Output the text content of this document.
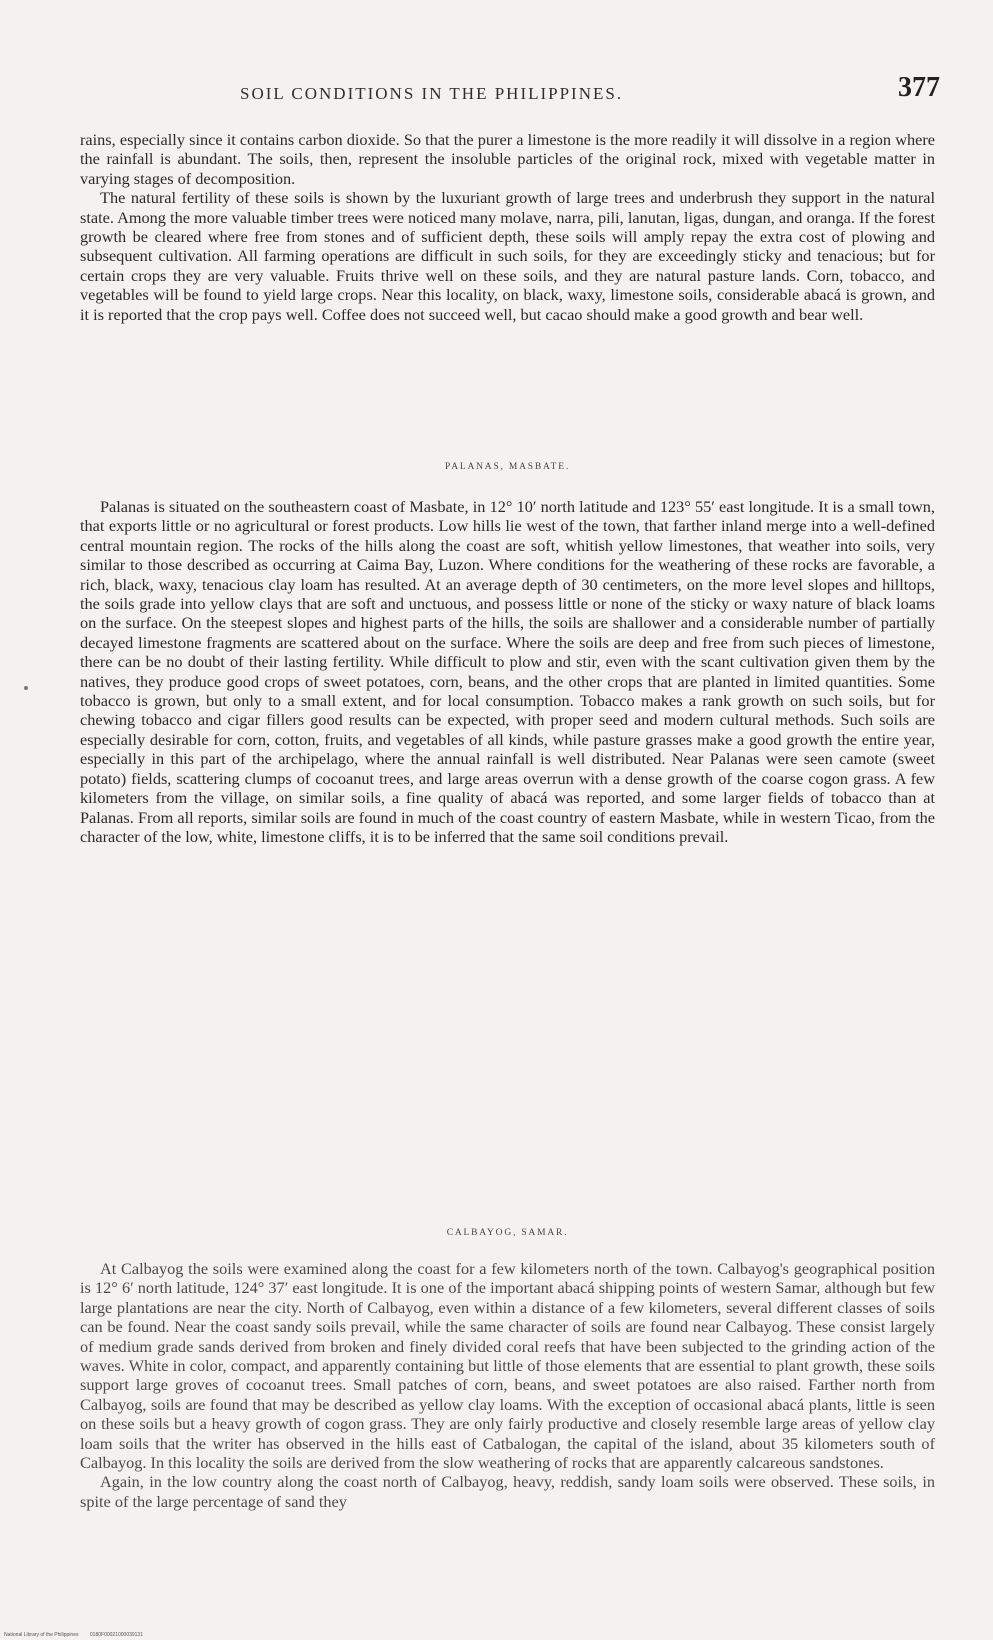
SOIL CONDITIONS IN THE PHILIPPINES.	377

rains, especially since it contains carbon dioxide. So that the purer a limestone is the more readily it will dissolve in a region where the rainfall is abundant. The soils, then, represent the insoluble particles of the original rock, mixed with vegetable matter in varying stages of decomposition.

The natural fertility of these soils is shown by the luxuriant growth of large trees and underbrush they support in the natural state. Among the more valuable timber trees were noticed many molave, narra, pili, lanutan, ligas, dungan, and oranga. If the forest growth be cleared where free from stones and of sufficient depth, these soils will amply repay the extra cost of plowing and subsequent cultivation. All farming operations are difficult in such soils, for they are exceedingly sticky and tenacious; but for certain crops they are very valuable. Fruits thrive well on these soils, and they are natural pasture lands. Corn, tobacco, and vegetables will be found to yield large crops. Near this locality, on black, waxy, limestone soils, considerable abacá is grown, and it is reported that the crop pays well. Coffee does not succeed well, but cacao should make a good growth and bear well.

PALANAS, MASBATE.

Palanas is situated on the southeastern coast of Masbate, in 12° 10′ north latitude and 123° 55′ east longitude. It is a small town, that exports little or no agricultural or forest products. Low hills lie west of the town, that farther inland merge into a well-defined central mountain region. The rocks of the hills along the coast are soft, whitish yellow limestones, that weather into soils, very similar to those described as occurring at Caima Bay, Luzon. Where conditions for the weathering of these rocks are favorable, a rich, black, waxy, tenacious clay loam has resulted. At an average depth of 30 centimeters, on the more level slopes and hilltops, the soils grade into yellow clays that are soft and unctuous, and possess little or none of the sticky or waxy nature of black loams on the surface. On the steepest slopes and highest parts of the hills, the soils are shallower and a considerable number of partially decayed limestone fragments are scattered about on the surface. Where the soils are deep and free from such pieces of limestone, there can be no doubt of their lasting fertility. While difficult to plow and stir, even with the scant cultivation given them by the natives, they produce good crops of sweet potatoes, corn, beans, and the other crops that are planted in limited quantities. Some tobacco is grown, but only to a small extent, and for local consumption. Tobacco makes a rank growth on such soils, but for chewing tobacco and cigar fillers good results can be expected, with proper seed and modern cultural methods. Such soils are especially desirable for corn, cotton, fruits, and vegetables of all kinds, while pasture grasses make a good growth the entire year, especially in this part of the archipelago, where the annual rainfall is well distributed. Near Palanas were seen camote (sweet potato) fields, scattering clumps of cocoanut trees, and large areas overrun with a dense growth of the coarse cogon grass. A few kilometers from the village, on similar soils, a fine quality of abacá was reported, and some larger fields of tobacco than at Palanas. From all reports, similar soils are found in much of the coast country of eastern Masbate, while in western Ticao, from the character of the low, white, limestone cliffs, it is to be inferred that the same soil conditions prevail.

CALBAYOG, SAMAR.

At Calbayog the soils were examined along the coast for a few kilometers north of the town. Calbayog's geographical position is 12° 6′ north latitude, 124° 37′ east longitude. It is one of the important abacá shipping points of western Samar, although but few large plantations are near the city. North of Calbayog, even within a distance of a few kilometers, several different classes of soils can be found. Near the coast sandy soils prevail, while the same character of soils are found near Calbayog. These consist largely of medium grade sands derived from broken and finely divided coral reefs that have been subjected to the grinding action of the waves. White in color, compact, and apparently containing but little of those elements that are essential to plant growth, these soils support large groves of cocoanut trees. Small patches of corn, beans, and sweet potatoes are also raised. Farther north from Calbayog, soils are found that may be described as yellow clay loams. With the exception of occasional abacá plants, little is seen on these soils but a heavy growth of cogon grass. They are only fairly productive and closely resemble large areas of yellow clay loam soils that the writer has observed in the hills east of Catbalogan, the capital of the island, about 35 kilometers south of Calbayog. In this locality the soils are derived from the slow weathering of rocks that are apparently calcareous sandstones.

Again, in the low country along the coast north of Calbayog, heavy, reddish, sandy loam soils were observed. These soils, in spite of the large percentage of sand they

National Library of the Philippines 0180F00021000039131
